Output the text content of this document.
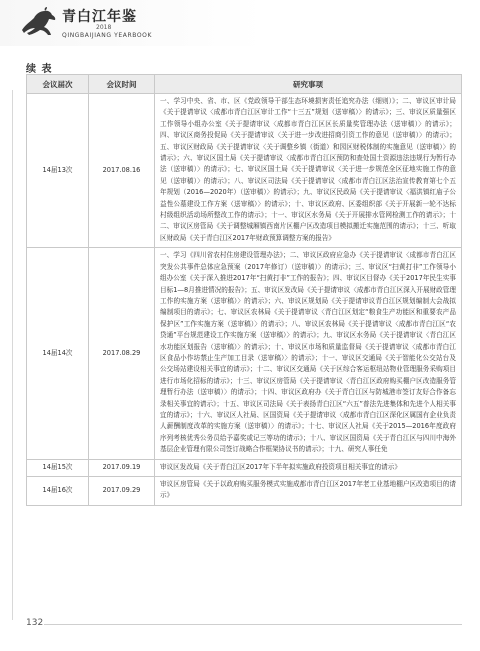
青白江年鉴
2018
QINGBAIJIANG YEARBOOK
续 表
会议届次	会议时间	研究事项
14届13次	2017.08.16	一、学习中央、省、市、区《党政领导干部生态环境损害责任追究办法（细则）》；二、审议区审计局《关于提请审议〈成都市青白江区审计工作“十三五”规划（送审稿）〉的请示》；三、审议区质量强区工作领导小组办公室《关于提请审议〈成都市青白江区区长质量奖管理办法（送审稿）〉的请示》；四、审议区商务投促局《关于提请审议〈关于进一步改进招商引资工作的意见（送审稿）〉的请示》；五、审议区财政局《关于提请审议〈关于调整乡镇（街道）和园区财税体制的实施意见（送审稿）〉的请示》；六、审议区国土局《关于提请审议〈成都市青白江区预防和查处国土资源违法违规行为暂行办法（送审稿）〉的请示》；七、审议区国土局《关于提请审议〈关于进一步规范全区征地实施工作的意见（送审稿）〉的请示》；八、审议区司法局《关于提请审议〈成都市青白江区法治宣传教育第七个五年规划（2016—2020年）（送审稿）〉的请示》；九、审议区民政局《关于提请审议〈福洪镇红庙子公益性公墓建设工作方案（送审稿）〉的请示》；十、审议区政府、区委组织部《关于开展新一轮不达标村级组织活动场所整改工作的请示》；十一、审议区水务局《关于开展排水管网检测工作的请示》；十二、审议区房管局《关于调整城厢镇西南片区棚户区改造项目模拟搬迁实施范围的请示》；十三、听取区财政局《关于青白江区2017年财政预算调整方案的报告》
14届14次	2017.08.29	一、学习《四川省农村住房建设管理办法》；二、审议区政府应急办《关于提请审议〈成都市青白江区突发公共事件总体应急预案（2017年修订）（送审稿）〉的请示》；三、审议区“扫黄打非”工作领导小组办公室《关于深入推进2017年“扫黄打非”工作的报告》；四、审议区目督办《关于2017年民生实事目标1—8月推进情况的报告》；五、审议区发改局《关于提请审议〈成都市青白江区深入开展财政管理工作的实施方案（送审稿）〉的请示》；六、审议区规划局《关于提请审议青白江区规划编制大会战拟编制项目的请示》；七、审议区农林局《关于提请审议〈青白江区划定“粮食生产功能区和重要农产品保护区”工作实施方案（送审稿）〉的请示》；八、审议区农林局《关于提请审议〈成都市青白江区“农贷通”平台规范建设工作实施方案（送审稿）〉的请示》；九、审议区水务局《关于提请审议〈青白江区水功能区划报告（送审稿）〉的请示》；十、审议区市场和质量监督局《关于提请审议〈成都市青白江区食品小作坊禁止生产加工目录（送审稿）〉的请示》；十一、审议区交通局《关于智能化公交站台及公交场站建设相关事宜的请示》；十二、审议区交通局《关于区综合客运枢纽站物业管理服务采购项目进行市场化招标的请示》；十三、审议区房管局《关于提请审议〈青白江区政府购买棚户区改造服务管理暂行办法（送审稿）〉的请示》；十四、审议区政府办《关于青白江区与防城港市签订友好合作备忘录相关事宜的请示》；十五、审议区司法局《关于表扬青白江区“六五”普法先进集体和先进个人相关事宜的请示》；十六、审议区人社局、区国资局《关于提请审议〈成都市青白江区深化区属国有企业负责人薪酬制度改革的实施方案（送审稿）〉的请示》；十七、审议区人社局《关于2015—2016年度政府序列考核优秀公务员给予嘉奖或记三等功的请示》；十八、审议区国资局《关于青白江区与四川中海外基层企业管理有限公司签订战略合作框架协议书的请示》；十九、研究人事任免
14届15次	2017.09.19	审议区发改局《关于青白江区2017年下半年拟实施政府投资项目相关事宜的请示》
14届16次	2017.09.29	审议区房管局《关于以政府购买服务模式实施成都市青白江区2017年老工业基地棚户区改造项目的请示》
132
